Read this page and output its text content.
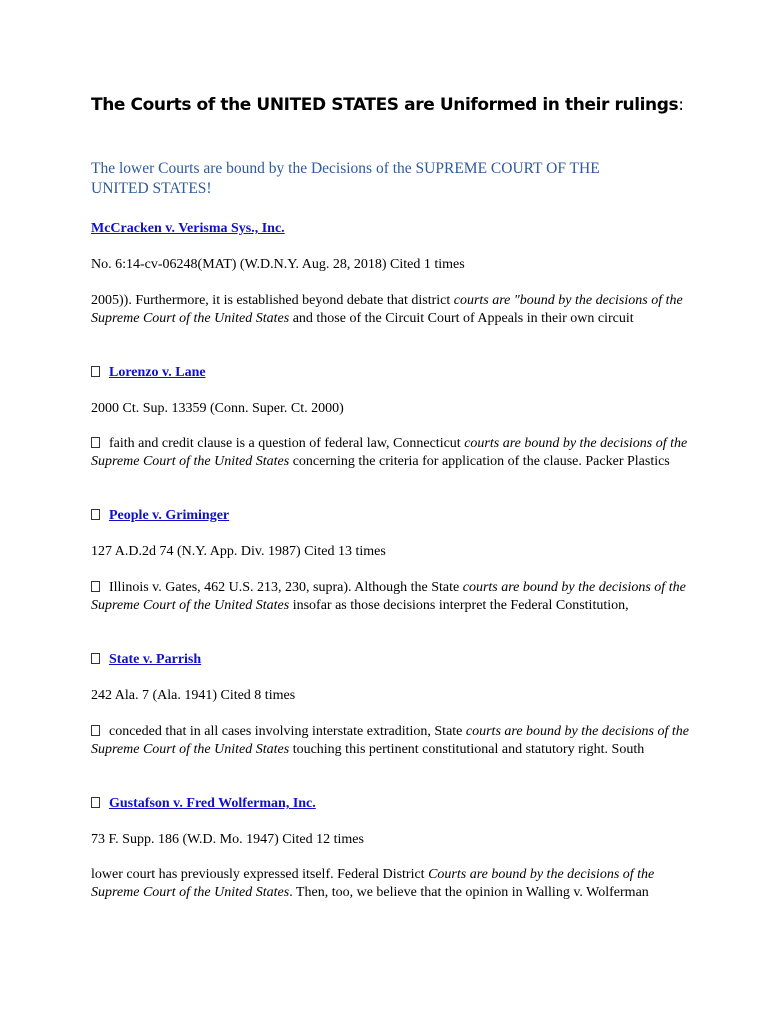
The Courts of the UNITED STATES are Uniformed in their rulings:

The lower Courts are bound by the Decisions of the SUPREME COURT OF THE UNITED STATES!

McCracken v. Verisma Sys., Inc.

No. 6:14-cv-06248(MAT) (W.D.N.Y. Aug. 28, 2018) Cited 1 times

2005)). Furthermore, it is established beyond debate that district courts are "bound by the decisions of the Supreme Court of the United States and those of the Circuit Court of Appeals in their own circuit

Lorenzo v. Lane

2000 Ct. Sup. 13359 (Conn. Super. Ct. 2000)

faith and credit clause is a question of federal law, Connecticut courts are bound by the decisions of the Supreme Court of the United States concerning the criteria for application of the clause. Packer Plastics

People v. Griminger

127 A.D.2d 74 (N.Y. App. Div. 1987) Cited 13 times

Illinois v. Gates, 462 U.S. 213, 230, supra). Although the State courts are bound by the decisions of the Supreme Court of the United States insofar as those decisions interpret the Federal Constitution,

State v. Parrish

242 Ala. 7 (Ala. 1941) Cited 8 times

conceded that in all cases involving interstate extradition, State courts are bound by the decisions of the Supreme Court of the United States touching this pertinent constitutional and statutory right. South

Gustafson v. Fred Wolferman, Inc.

73 F. Supp. 186 (W.D. Mo. 1947) Cited 12 times

lower court has previously expressed itself. Federal District Courts are bound by the decisions of the Supreme Court of the United States. Then, too, we believe that the opinion in Walling v. Wolferman
